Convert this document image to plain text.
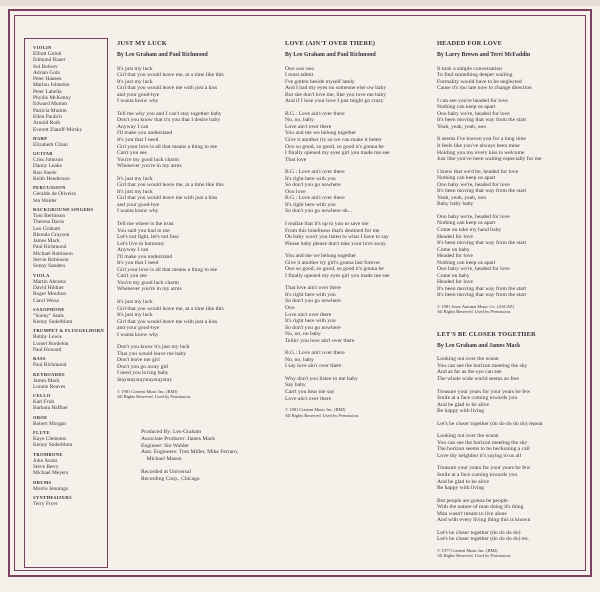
VIOLIN
Elliott Golub
Edmund Bauer
Sol Bobrov
Adrian Gola
Peter Hansen
Marlou Johnston
Peter Labella
Phyllis McKenny
Edward Mumm
Patricia Mumm
Ellen Paulich
Arnold Roth
Everett Zlatoff-Mirsky
HARP
Elizabeth Cilani
GUITAR
Criss Johnson
Danny Leake
Ron Steele
Keith Henderson
PERCUSSION
Geraldo de Oliveira
Stu Walder
BACKGROUND SINGERS
Toni Berlinson
Theresa Davis
Leo Graham
Rhonda Grayson
James Mack
Paul Richmond
Michael Robinson
Stevie Robinson
Sonny Sanders
VIOLA
Martin Abrams
David Hildner
Roger Moulton
Carol Weiss
SAXOPHONE
"Sonny" Seals
Kenny Soderblom
TRUMPET & FLUEGELHORN
Bobby Lewis
Lionel Bordelon
Paul Howard
BASS
Paul Richmond
KEYBOARDS
James Mack
Lonnie Reaves
CELLO
Karl Fruh
Barbara Haffner
OBOE
Robert Morgan
FLUTE
Kaye Clements
Kenny Soderblom
TROMBONE
John Avant
Steve Berry
Michael Meyers
DRUMS
Morris Jennings
SYNTHESIZERS
Terry Fryer
JUST MY LUCK
By Leo Graham and Paul Richmond
It's just my luck
Girl that you would leave me, at a time like this
It's just my luck
Girl that you would leave me with just a kiss
and your good-bye
I wanta know why
Tell me why you and I can't stay together baby
Don't you know that it's you that I desire baby
Anyway I can
I'll make you understand
It's you that I need
Girl your love is all that means a thing to me
Can't you see
You're my good luck charm
Whenever you're in my arms
It's just my luck
Girl that you would leave me, at a time like this
It's just my luck
Girl that you would leave me with just a kiss
and your good-bye
I wanta know why
Tell me where is the trust
You said you had in me
Let's not fight, let's not fuss
Let's live in harmony
Anyway I can
I'll make you understand
It's you that I need
Girl your love is all that means a thing to me
Can't you see
You're my good luck charm
Whenever you're in my arms
It's just my luck
Girl that you would leave me, at a time like this
It's just my luck
Girl that you would leave me with just a kiss
and your good-bye
I wanta know why
Don't you know it's just my luck
That you would leave me baby
Don't leave me girl
Don't you go away girl
I need you loving baby
Staystaystaystaystaystay
© 1981 Content Music Inc. (BMI)
All Rights Reserved. Used by Permission.
Produced By: Leo Graham
Associate Producer: James Mack
Engineer: Stu Walder
Asst. Engineers: Tom Miller, Mike Ferraro,
Michael Mason

Recorded at Universal
Recording Corp., Chicago
LOVE (AIN'T OVER THERE)
By Leo Graham and Paul Richmond
Ooo ooo ooo
I must admit
I've gotten beside myself lately
And I had my eyes on someone else ow baby
But she don't love me, like you love me baby
And if I lose your love I just might go crazy
B.G.: Love ain't over there
No, no, baby
Love ain't over there
You and me we belong together
Give it another try so we can make it better
Ooo so good, so good, so good it's gonna be
I finally opened my eyes girl you made me see
That love
B.G.: Love ain't over there
It's right here with you
So don't you go nowhere
Ooo love
B.G.: Love ain't over there
It's right here with you
So don't you go nowhere oh...
I realize that it's up to you to save me
From this loneliness that's destined for me
Oh baby won't you listen to what I have to say
Please baby please don't take your love away
You and me we belong together
Give it another try girl's gonna last forever
Ooo so good, so good, so good it's gonna be
I finally opened my eyes girl you made me see
That love ain't over there
It's right here with you
So don't you go nowhere
Ooo
Love ain't over there
It's right here with you
So don't you go nowhere
No, no, no baby
Tellin' you love ain't over there
B.G.: Love ain't over there
No, no, baby
I say love ain't over there
Why don't you listen to me baby
Say baby
Can't you hear me say
Love ain't over there
© 1981 Content Music Inc. (BMI)
All Rights Reserved. Used by Permission.
HEADED FOR LOVE
By Larry Brown and Terri McFaddin
It took a simple conversation
To find something deeper waiting
Formality would have to be neglected
Cause it's too late now to change direction
I can see you're headed for love
Nothing can keep us apart
Ooo baby we're, headed for love
It's been moving that way from the start
Yeah, yeah, yeah, ooo
It seems I've known you for a long time
It feels like you've always been mine
Holding you my every kiss is welcome
Just like you've been waiting especially for me
I knew that we'd be, headed for love
Nothing can keep us apart
Ooo baby we're, headed for love
It's been moving that way from the start
Yeah, yeah, yeah, ooo
Baby baby baby
Ooo baby we're, headed for love
Nothing can keep us apart
Come on take my hand baby
Headed for love
It's been moving that way from the start
Come on baby
Headed for love
Nothing can keep us apart
Ooo baby we're, headed for love
Come on baby
Headed for love
It's been moving that way from the start
It's been moving that way from the start
© 1981 Josey Autumn Music Co. (ASCAP)
All Rights Reserved. Used by Permission.
LET'S BE CLOSER TOGETHER
By Leo Graham and James Mack
Looking out over the ocean
You can see the horizon meeting the sky
And as far as the eye can see
The whole wide world seems so free
Treasure your years for your years be few
Smile at a face coming towards you
And be glad to be alive
Be happy with living
Let's be closer together (do do do do do) repeat
Looking out over the ocean
You can see the horizon meeting the sky
The horizon seems to be beckoning a call
Love thy neighbor it's saying to us all
Treasure your years for your years be few
Smile at a face coming towards you
And be glad to be alive
Be happy with living
But people are gonna be people
With the nature of man doing it's thing
Man wasn't meant to live alone
And with every living thing this is known
Let's be closer together (do do do do)
Let's be closer together (do do do do) etc.
© 1977 Content Music Inc. (BMI)
All Rights Reserved. Used by Permission.
